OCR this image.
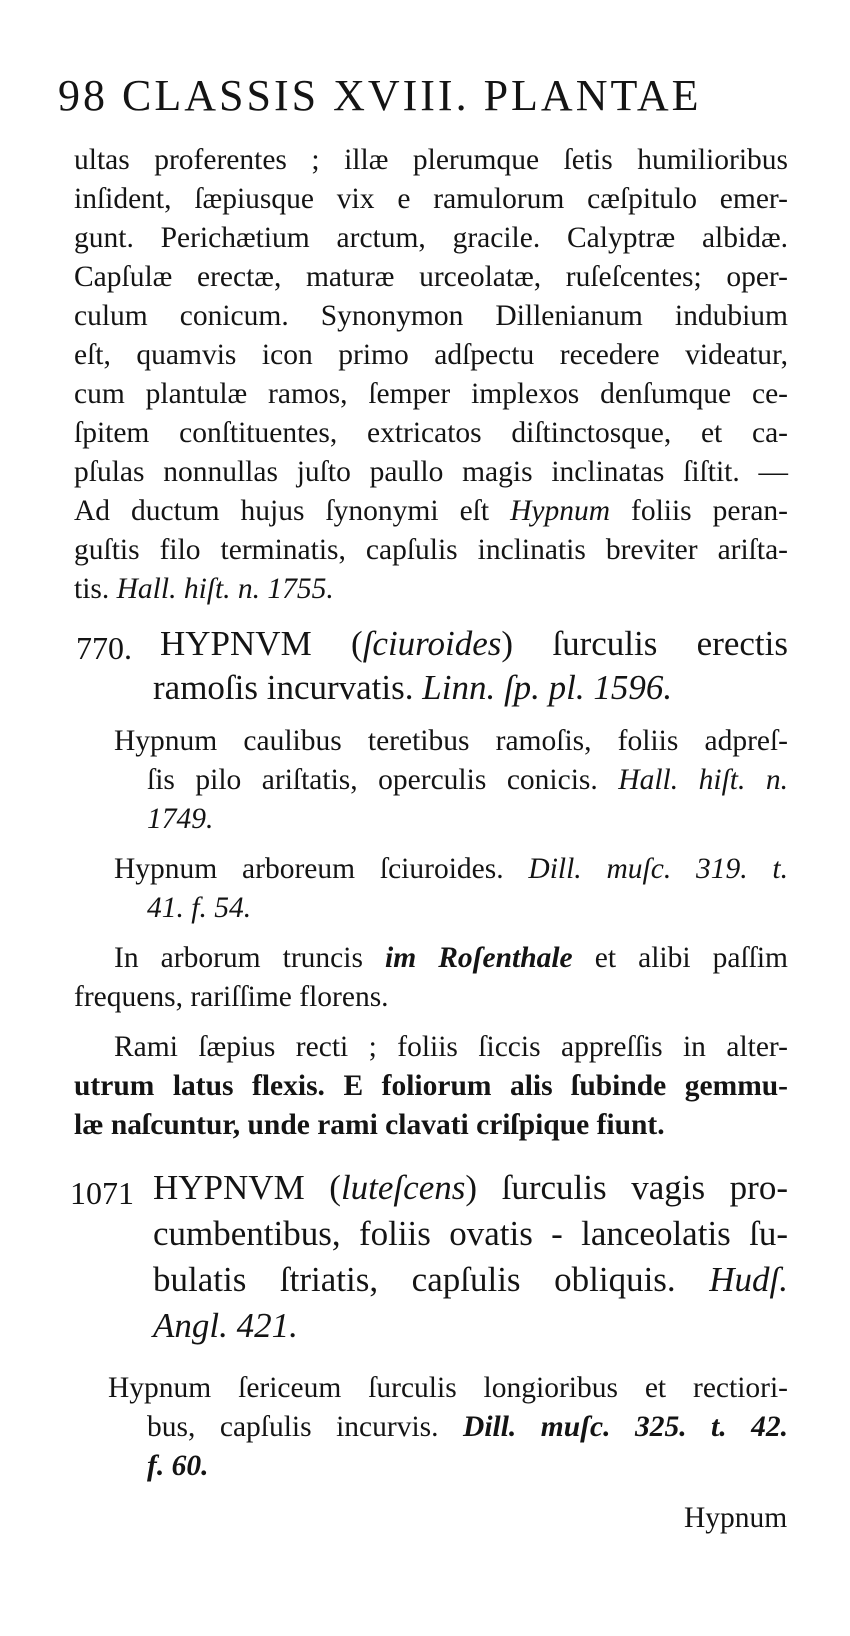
98 CLASSIS XVIII. PLANTAE
ultas proferentes ; illæ plerumque ſetis humilioribus
inſident, ſæpiusque vix e ramulorum cæſpitulo emer-
gunt. Perichætium arctum, gracile. Calyptræ albidæ.
Capſulæ erectæ, maturæ urceolatæ, ruſeſcentes; oper-
culum conicum. Synonymon Dillenianum indubium
eſt, quamvis icon primo adſpectu recedere videatur,
cum plantulæ ramos, ſemper implexos denſumque ce-
ſpitem conſtituentes, extricatos diſtinctosque, et ca-
pſulas nonnullas juſto paullo magis inclinatas ſiſtit. —
Ad ductum hujus ſynonymi eſt Hypnum foliis peran-
guſtis filo terminatis, capſulis inclinatis breviter ariſta-
tis. Hall. hiſt. n. 1755.
770. HYPNVM (ſciuroides) ſurculis erectis
ramoſis incurvatis. Linn. ſp. pl. 1596.
Hypnum caulibus teretibus ramoſis, foliis adpreſ-
ſis pilo ariſtatis, operculis conicis. Hall. hiſt. n.
1749.
Hypnum arboreum ſciuroides. Dill. muſc. 319. t.
41. f. 54.
In arborum truncis im Roſenthale et alibi paſſim
frequens, rariſſime florens.
Rami ſæpius recti ; foliis ſiccis appreſſis in alter-
utrum latus flexis. E foliorum alis ſubinde gemmu-
læ naſcuntur, unde rami clavati criſpique fiunt.
1071 HYPNVM (luteſcens) ſurculis vagis pro-
cumbentibus, foliis ovatis - lanceolatis ſu-
bulatis ſtriatis, capſulis obliquis. Hudſ.
Angl. 421.
Hypnum ſericeum ſurculis longioribus et rectiori-
bus, capſulis incurvis. Dill. muſc. 325. t. 42.
f. 60.
Hypnum
